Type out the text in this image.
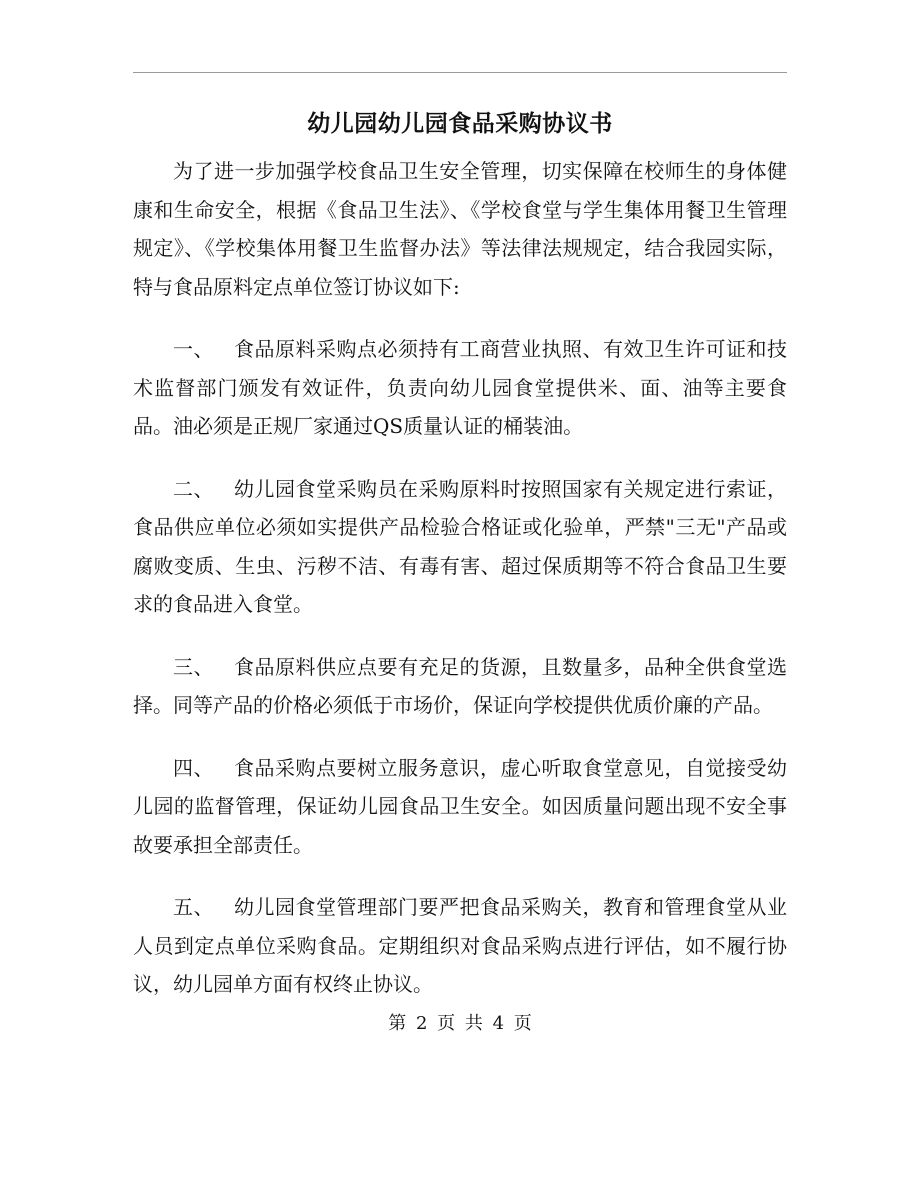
幼儿园幼儿园食品采购协议书

为了进一步加强学校食品卫生安全管理，切实保障在校师生的身体健康和生命安全，根据《食品卫生法》、《学校食堂与学生集体用餐卫生管理规定》、《学校集体用餐卫生监督办法》等法律法规规定，结合我园实际，特与食品原料定点单位签订协议如下:

一、 食品原料采购点必须持有工商营业执照、有效卫生许可证和技术监督部门颁发有效证件，负责向幼儿园食堂提供米、面、油等主要食品。油必须是正规厂家通过QS质量认证的桶装油。

二、 幼儿园食堂采购员在采购原料时按照国家有关规定进行索证，食品供应单位必须如实提供产品检验合格证或化验单，严禁"三无"产品或腐败变质、生虫、污秽不洁、有毒有害、超过保质期等不符合食品卫生要求的食品进入食堂。

三、 食品原料供应点要有充足的货源，且数量多，品种全供食堂选择。同等产品的价格必须低于市场价，保证向学校提供优质价廉的产品。

四、 食品采购点要树立服务意识，虚心听取食堂意见，自觉接受幼儿园的监督管理，保证幼儿园食品卫生安全。如因质量问题出现不安全事故要承担全部责任。

五、 幼儿园食堂管理部门要严把食品采购关，教育和管理食堂从业人员到定点单位采购食品。定期组织对食品采购点进行评估，如不履行协议，幼儿园单方面有权终止协议。

第 2 页 共 4 页
